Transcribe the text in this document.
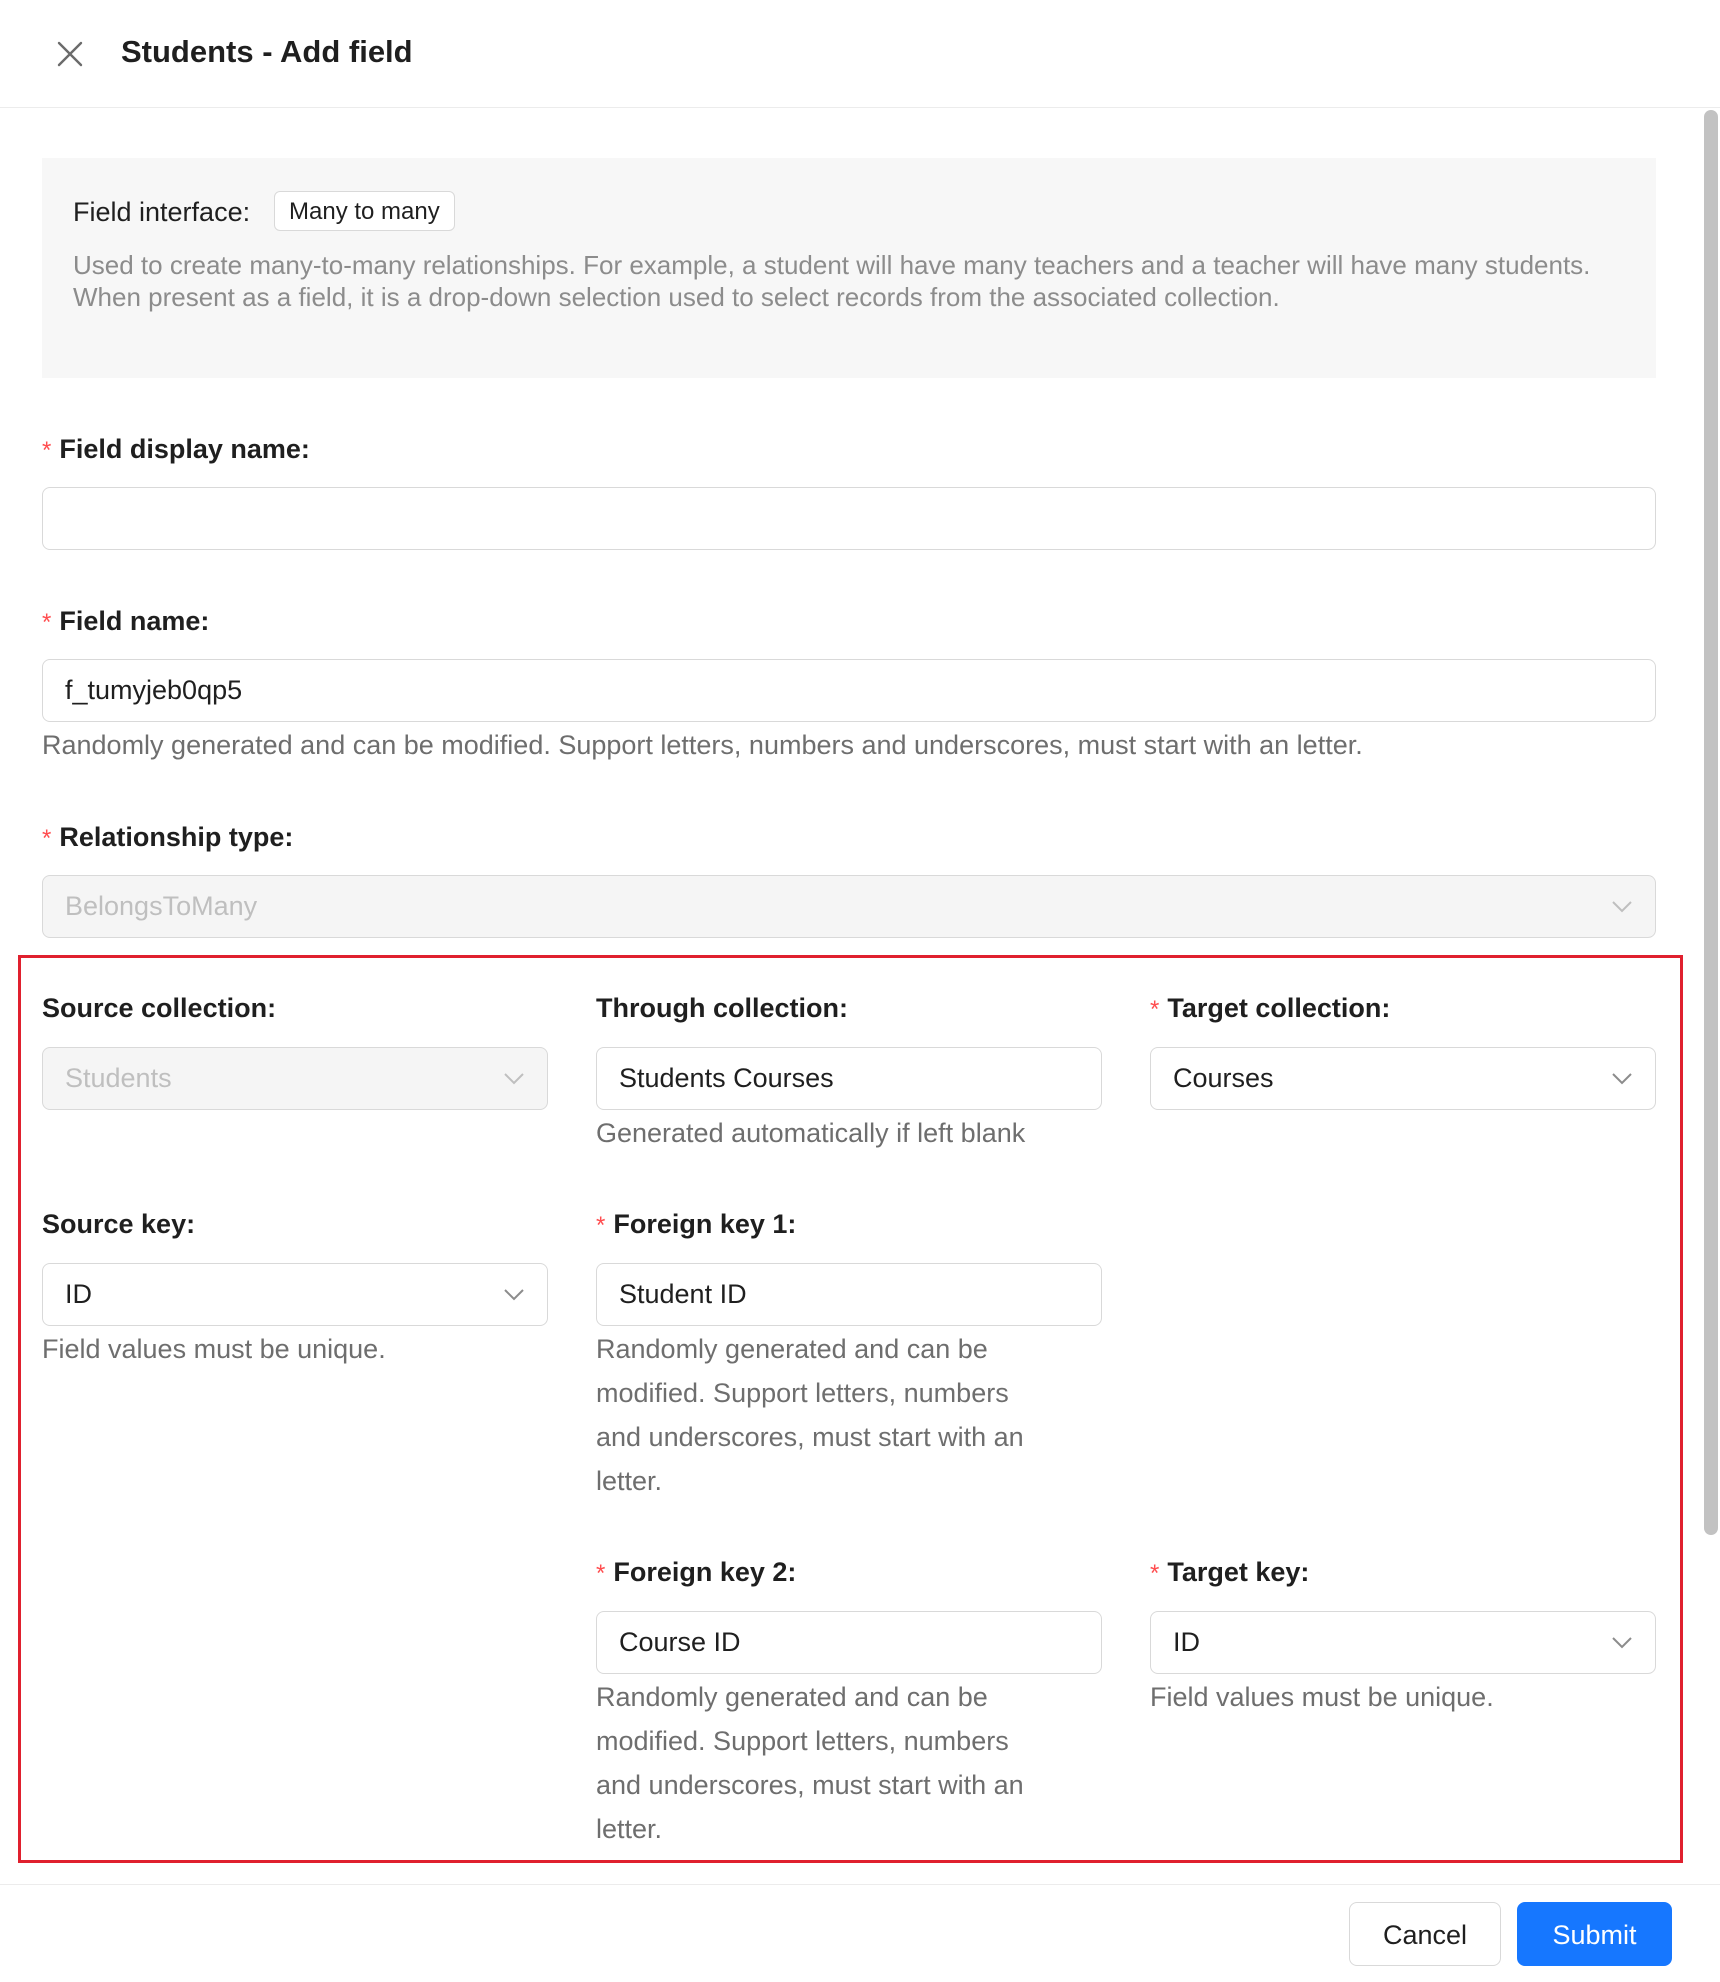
Students - Add field
Field interface:	Many to many
Used to create many-to-many relationships. For example, a student will have many teachers and a teacher will have many students. When present as a field, it is a drop-down selection used to select records from the associated collection.
* Field display name:
* Field name:
f_tumyjeb0qp5
Randomly generated and can be modified. Support letters, numbers and underscores, must start with an letter.
* Relationship type:
BelongsToMany
Source collection:
Students
Through collection:
Students Courses
Generated automatically if left blank
* Target collection:
Courses
Source key:
ID
Field values must be unique.
* Foreign key 1:
Student ID
Randomly generated and can be
modified. Support letters, numbers
and underscores, must start with an
letter.
* Foreign key 2:
Course ID
Randomly generated and can be
modified. Support letters, numbers
and underscores, must start with an
letter.
* Target key:
ID
Field values must be unique.
Cancel	Submit
